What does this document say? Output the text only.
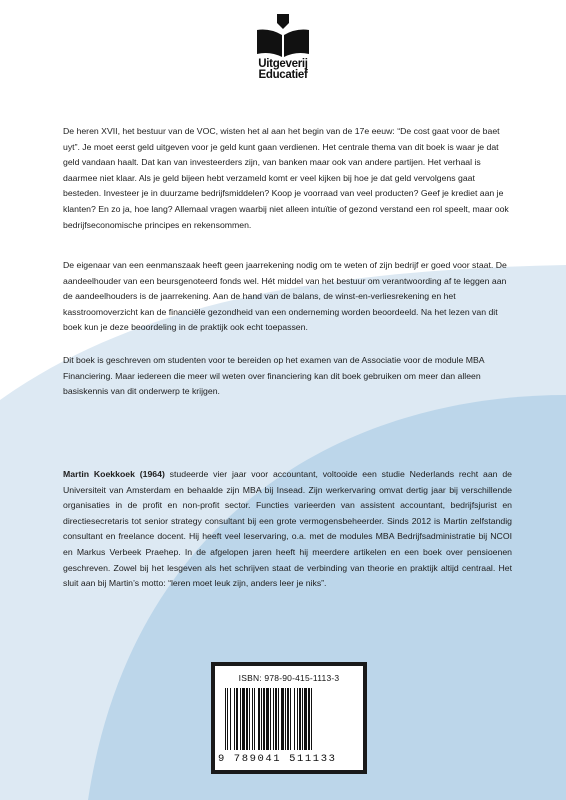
Uitgeverij
Educatief

De heren XVII, het bestuur van de VOC, wisten het al aan het begin van de 17e eeuw: “De cost gaat voor de baet uyt”. Je moet eerst geld uitgeven voor je geld kunt gaan verdienen. Het centrale thema van dit boek is waar je dat geld vandaan haalt. Dat kan van investeerders zijn, van banken maar ook van andere partijen. Het verhaal is daarmee niet klaar. Als je geld bijeen hebt verzameld komt er veel kijken bij hoe je dat geld vervolgens gaat besteden. Investeer je in duurzame bedrijfsmiddelen? Koop je voorraad van veel producten? Geef je krediet aan je klanten? En zo ja, hoe lang? Allemaal vragen waarbij niet alleen intuïtie of gezond verstand een rol speelt, maar ook bedrijfseconomische principes en rekensommen.

De eigenaar van een eenmanszaak heeft geen jaarrekening nodig om te weten of zijn bedrijf er goed voor staat. De aandeelhouder van een beursgenoteerd fonds wel. Hét middel van het bestuur om verantwoording af te leggen aan de aandeelhouders is de jaarrekening. Aan de hand van de balans, de winst-en-verliesrekening en het kasstroomoverzicht kan de financiële gezondheid van een onderneming worden beoordeeld. Na het lezen van dit boek kun je deze beoordeling in de praktijk ook echt toepassen.

Dit boek is geschreven om studenten voor te bereiden op het examen van de Associatie voor de module MBA Financiering. Maar iedereen die meer wil weten over financiering kan dit boek gebruiken om meer dan alleen basiskennis van dit onderwerp te krijgen.

Martin Koekkoek (1964) studeerde vier jaar voor accountant, voltooide een studie Nederlands recht aan de Universiteit van Amsterdam en behaalde zijn MBA bij Insead. Zijn werkervaring omvat dertig jaar bij verschillende organisaties in de profit en non-profit sector. Functies varieerden van assistent accountant, bedrijfsjurist en directiesecretaris tot senior strategy consultant bij een grote vermogensbeheerder. Sinds 2012 is Martin zelfstandig consultant en freelance docent. Hij heeft veel leservaring, o.a. met de modules MBA Bedrijfsadministratie bij NCOI en Markus Verbeek Praehep. In de afgelopen jaren heeft hij meerdere artikelen en een boek over pensioenen geschreven. Zowel bij het lesgeven als het schrijven staat de verbinding van theorie en praktijk altijd centraal. Het sluit aan bij Martin’s motto: “leren moet leuk zijn, anders leer je niks”.

ISBN: 978-90-415-1113-3
9 789041 511133
